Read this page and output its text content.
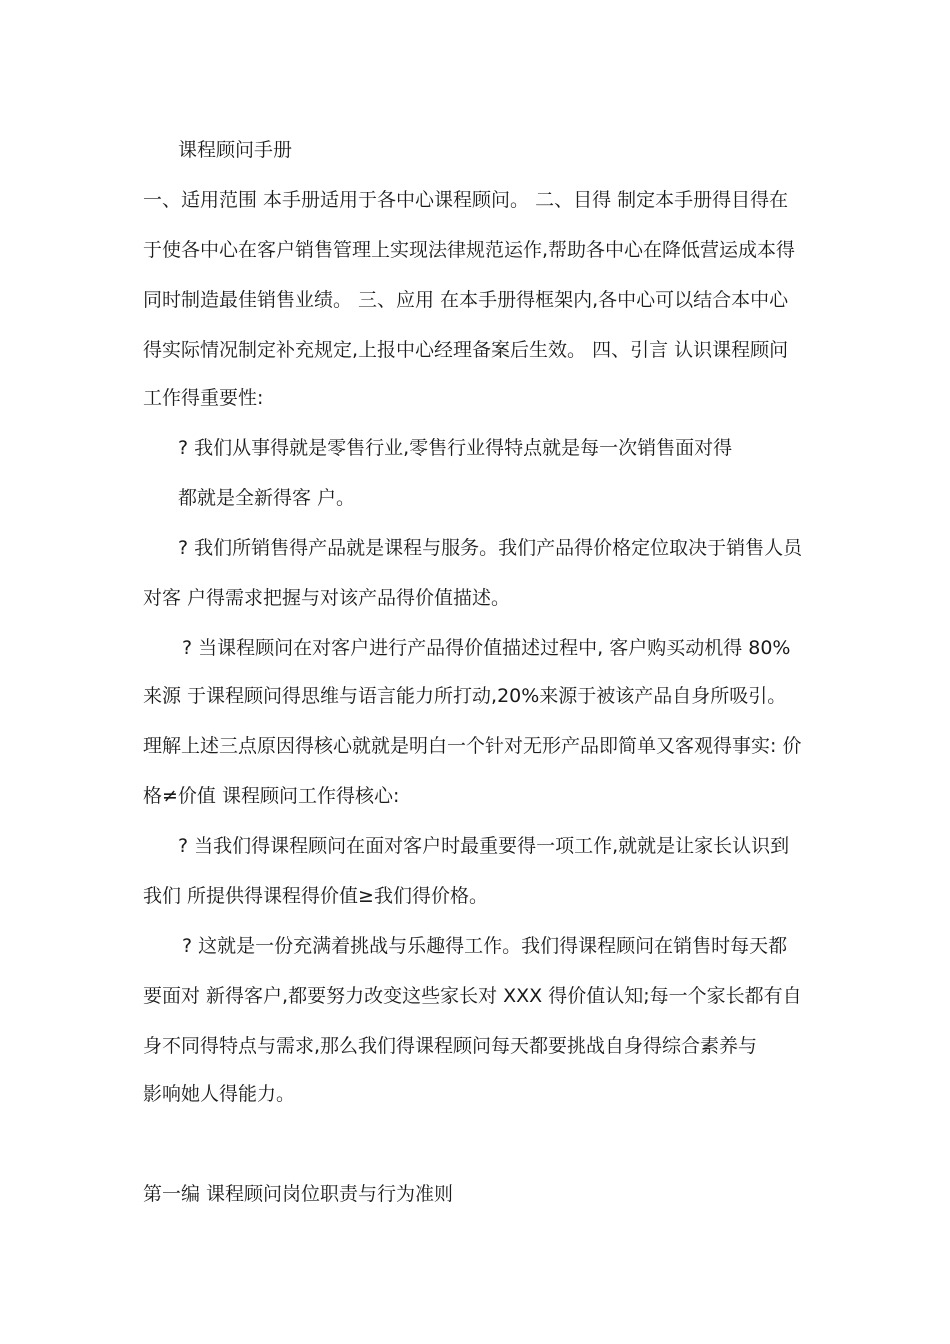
课程顾问手册

一、适用范围 本手册适用于各中心课程顾问。 二、目得 制定本手册得目得在

于使各中心在客户销售管理上实现法律规范运作,帮助各中心在降低营运成本得

同时制造最佳销售业绩。 三、应用 在本手册得框架内,各中心可以结合本中心

得实际情况制定补充规定,上报中心经理备案后生效。 四、引言 认识课程顾问

工作得重要性:

? 我们从事得就是零售行业,零售行业得特点就是每一次销售面对得

都就是全新得客 户。

? 我们所销售得产品就是课程与服务。我们产品得价格定位取决于销售人员

对客 户得需求把握与对该产品得价值描述。

? 当课程顾问在对客户进行产品得价值描述过程中, 客户购买动机得 80%

来源 于课程顾问得思维与语言能力所打动,20%来源于被该产品自身所吸引。

理解上述三点原因得核心就就是明白一个针对无形产品即简单又客观得事实: 价

格≠价值 课程顾问工作得核心:

? 当我们得课程顾问在面对客户时最重要得一项工作,就就是让家长认识到

我们 所提供得课程得价值≥我们得价格。

? 这就是一份充满着挑战与乐趣得工作。我们得课程顾问在销售时每天都

要面对 新得客户,都要努力改变这些家长对 XXX 得价值认知;每一个家长都有自

身不同得特点与需求,那么我们得课程顾问每天都要挑战自身得综合素养与

影响她人得能力。

第一编 课程顾问岗位职责与行为准则
